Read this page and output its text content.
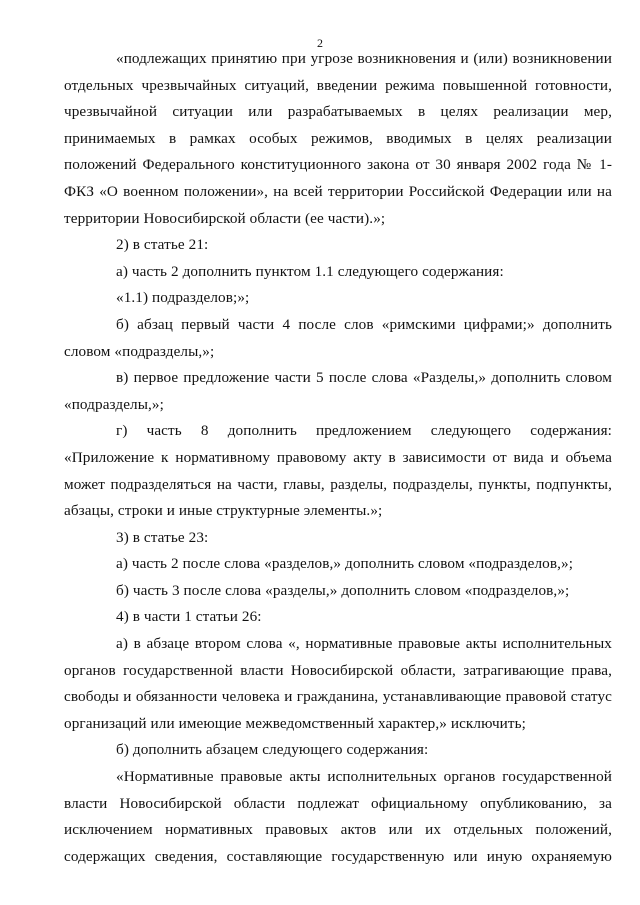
2

«подлежащих принятию при угрозе возникновения и (или) возникновении отдельных чрезвычайных ситуаций, введении режима повышенной готовности, чрезвычайной ситуации или разрабатываемых в целях реализации мер, принимаемых в рамках особых режимов, вводимых в целях реализации положений Федерального конституционного закона от 30 января 2002 года № 1-ФКЗ «О военном положении», на всей территории Российской Федерации или на территории Новосибирской области (ее части).»;

2) в статье 21:

а) часть 2 дополнить пунктом 1.1 следующего содержания:

«1.1) подразделов;»;

б) абзац первый части 4 после слов «римскими цифрами;» дополнить словом «подразделы,»;

в) первое предложение части 5 после слова «Разделы,» дополнить словом «подразделы,»;

г) часть 8 дополнить предложением следующего содержания: «Приложение к нормативному правовому акту в зависимости от вида и объема может подразделяться на части, главы, разделы, подразделы, пункты, подпункты, абзацы, строки и иные структурные элементы.»;

3) в статье 23:

а) часть 2 после слова «разделов,» дополнить словом «подразделов,»;

б) часть 3 после слова «разделы,» дополнить словом «подразделов,»;

4) в части 1 статьи 26:

а) в абзаце втором слова «, нормативные правовые акты исполнительных органов государственной власти Новосибирской области, затрагивающие права, свободы и обязанности человека и гражданина, устанавливающие правовой статус организаций или имеющие межведомственный характер,» исключить;

б) дополнить абзацем следующего содержания:

«Нормативные правовые акты исполнительных органов государственной власти Новосибирской области подлежат официальному опубликованию, за исключением нормативных правовых актов или их отдельных положений, содержащих сведения, составляющие государственную или иную охраняемую
